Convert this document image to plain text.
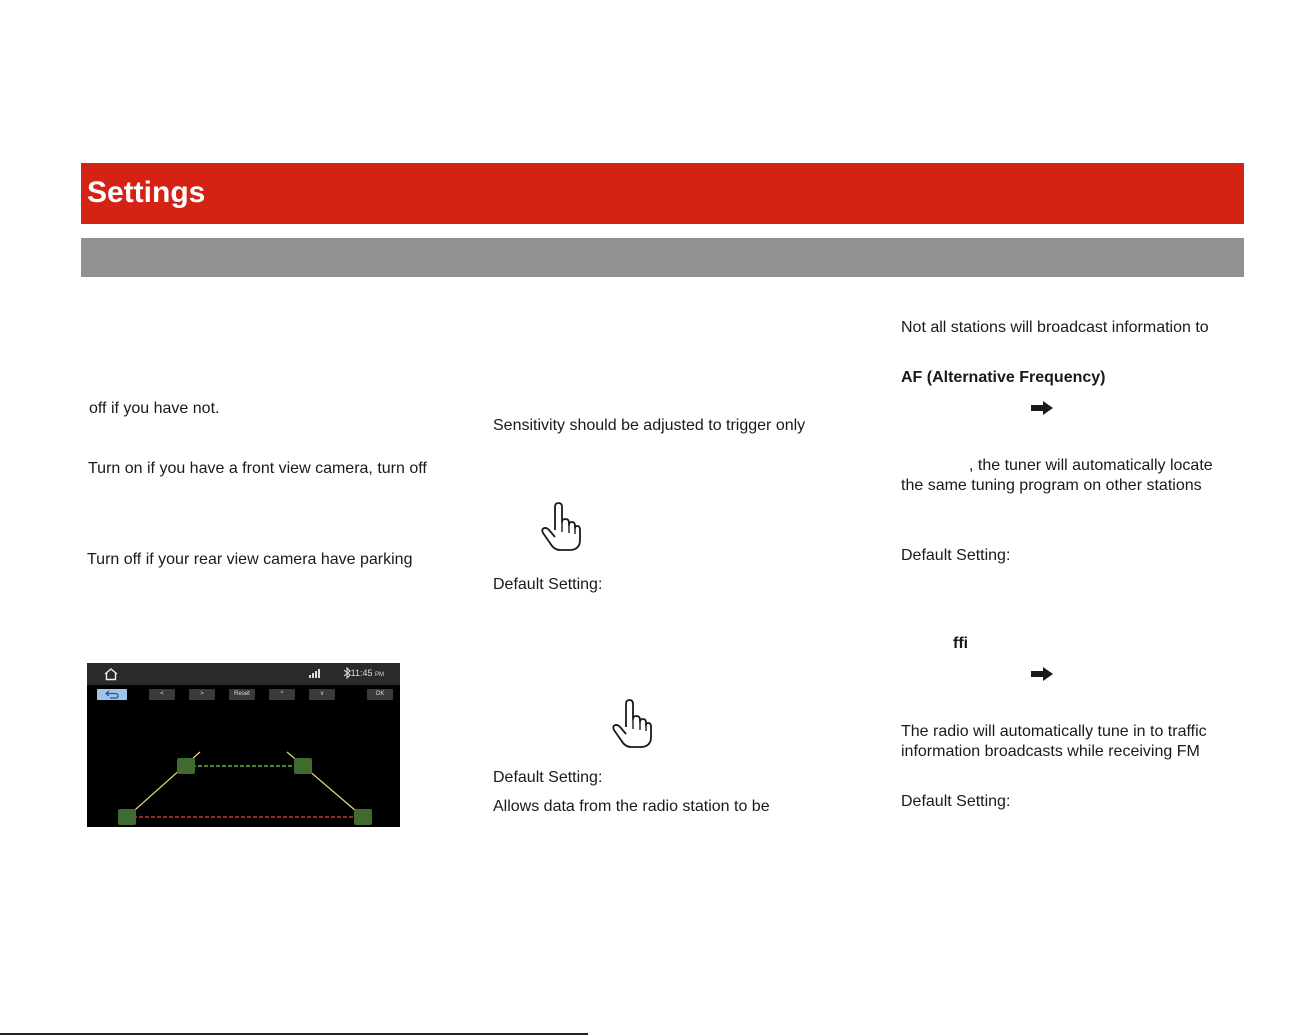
Settings
off if you have not.
Turn on if you have a front view camera, turn off
Turn off if your rear view camera have parking
11:45 PM
<	>	Reset	^	v	OK
Sensitivity should be adjusted to trigger only
Default Setting:
Default Setting:
Allows data from the radio station to be
Not all stations will broadcast information to
AF (Alternative Frequency)
, the tuner will automatically locate
the same tuning program on other stations
Default Setting:
ffi
The radio will automatically tune in to traffic
information broadcasts while receiving FM
Default Setting:
